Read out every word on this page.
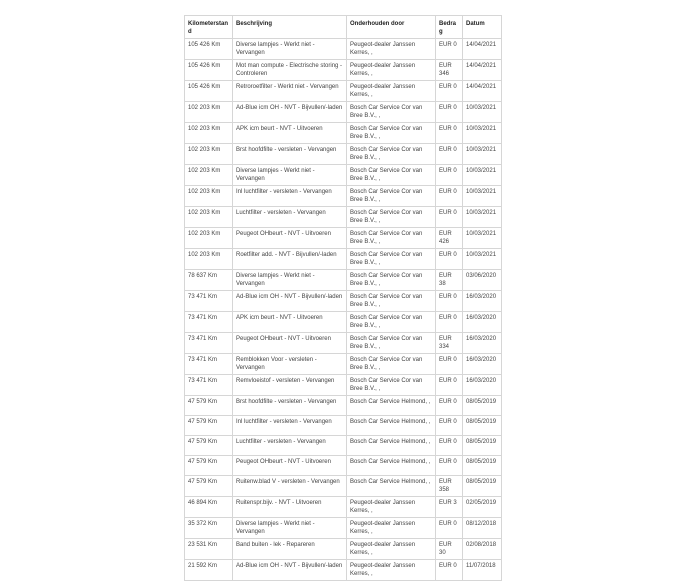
Kilometerstand	Beschrijving	Onderhouden door	Bedrag	Datum
105 426 Km	Diverse lampjes - Werkt niet - Vervangen	Peugeot-dealer Janssen Kerres, ,	EUR 0	14/04/2021
105 426 Km	Mot man compute - Electrische storing - Controleren	Peugeot-dealer Janssen Kerres, ,	EUR 346	14/04/2021
105 426 Km	Retroroetfilter - Werkt niet - Vervangen	Peugeot-dealer Janssen Kerres, ,	EUR 0	14/04/2021
102 203 Km	Ad-Blue icm OH - NVT - Bijvullen/-laden	Bosch Car Service Cor van Bree B.V., ,	EUR 0	10/03/2021
102 203 Km	APK icm beurt - NVT - Uitvoeren	Bosch Car Service Cor van Bree B.V., ,	EUR 0	10/03/2021
102 203 Km	Brst hoofdfilte - versleten - Vervangen	Bosch Car Service Cor van Bree B.V., ,	EUR 0	10/03/2021
102 203 Km	Diverse lampjes - Werkt niet - Vervangen	Bosch Car Service Cor van Bree B.V., ,	EUR 0	10/03/2021
102 203 Km	Inl luchtfilter - versleten - Vervangen	Bosch Car Service Cor van Bree B.V., ,	EUR 0	10/03/2021
102 203 Km	Luchtfilter - versleten - Vervangen	Bosch Car Service Cor van Bree B.V., ,	EUR 0	10/03/2021
102 203 Km	Peugeot OHbeurt - NVT - Uitvoeren	Bosch Car Service Cor van Bree B.V., ,	EUR 426	10/03/2021
102 203 Km	Roetfilter add. - NVT - Bijvullen/-laden	Bosch Car Service Cor van Bree B.V., ,	EUR 0	10/03/2021
78 637 Km	Diverse lampjes - Werkt niet - Vervangen	Bosch Car Service Cor van Bree B.V., ,	EUR 38	03/06/2020
73 471 Km	Ad-Blue icm OH - NVT - Bijvullen/-laden	Bosch Car Service Cor van Bree B.V., ,	EUR 0	16/03/2020
73 471 Km	APK icm beurt - NVT - Uitvoeren	Bosch Car Service Cor van Bree B.V., ,	EUR 0	16/03/2020
73 471 Km	Peugeot OHbeurt - NVT - Uitvoeren	Bosch Car Service Cor van Bree B.V., ,	EUR 334	16/03/2020
73 471 Km	Remblokken Voor - versleten - Vervangen	Bosch Car Service Cor van Bree B.V., ,	EUR 0	16/03/2020
73 471 Km	Remvloeistof - versleten - Vervangen	Bosch Car Service Cor van Bree B.V., ,	EUR 0	16/03/2020
47 579 Km	Brst hoofdfilte - versleten - Vervangen	Bosch Car Service Helmond, ,	EUR 0	08/05/2019
47 579 Km	Inl luchtfilter - versleten - Vervangen	Bosch Car Service Helmond, ,	EUR 0	08/05/2019
47 579 Km	Luchtfilter - versleten - Vervangen	Bosch Car Service Helmond, ,	EUR 0	08/05/2019
47 579 Km	Peugeot OHbeurt - NVT - Uitvoeren	Bosch Car Service Helmond, ,	EUR 0	08/05/2019
47 579 Km	Ruitenw.blad V - versleten - Vervangen	Bosch Car Service Helmond, ,	EUR 358	08/05/2019
46 894 Km	Ruitenspr.bijv. - NVT - Uitvoeren	Peugeot-dealer Janssen Kerres, ,	EUR 3	02/05/2019
35 372 Km	Diverse lampjes - Werkt niet - Vervangen	Peugeot-dealer Janssen Kerres, ,	EUR 0	08/12/2018
23 531 Km	Band buiten - lek - Repareren	Peugeot-dealer Janssen Kerres, ,	EUR 30	02/08/2018
21 592 Km	Ad-Blue icm OH - NVT - Bijvullen/-laden	Peugeot-dealer Janssen Kerres, ,	EUR 0	11/07/2018
